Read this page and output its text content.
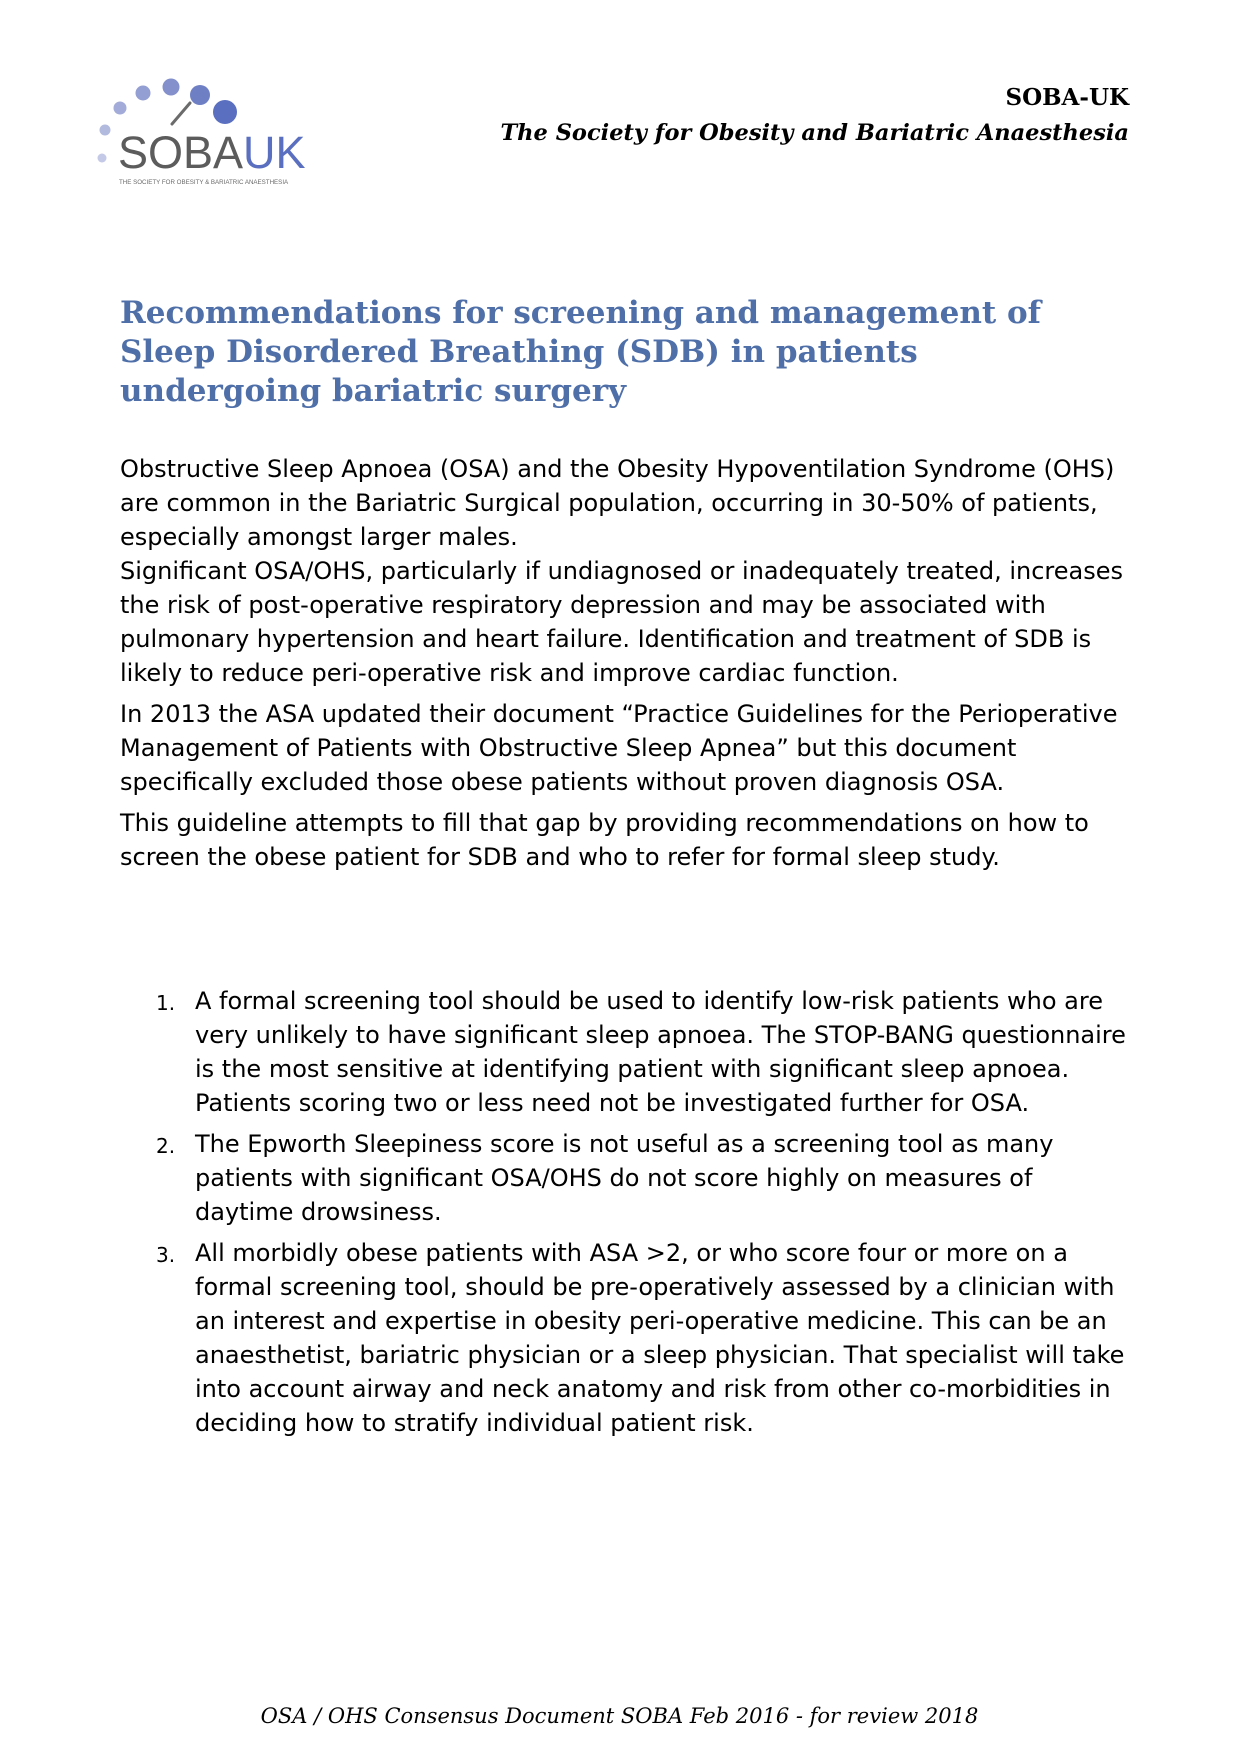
SOBAUK
THE SOCIETY FOR OBESITY & BARIATRIC ANAESTHESIA
SOBA-UK
The Society for Obesity and Bariatric Anaesthesia
Recommendations for screening and management of Sleep Disordered Breathing (SDB) in patients undergoing bariatric surgery

Obstructive Sleep Apnoea (OSA) and the Obesity Hypoventilation Syndrome (OHS) are common in the Bariatric Surgical population, occurring in 30-50% of patients, especially amongst larger males.

Significant OSA/OHS, particularly if undiagnosed or inadequately treated, increases the risk of post-operative respiratory depression and may be associated with pulmonary hypertension and heart failure. Identification and treatment of SDB is likely to reduce peri-operative risk and improve cardiac function.

In 2013 the ASA updated their document “Practice Guidelines for the Perioperative Management of Patients with Obstructive Sleep Apnea” but this document specifically excluded those obese patients without proven diagnosis OSA.

This guideline attempts to fill that gap by providing recommendations on how to screen the obese patient for SDB and who to refer for formal sleep study.

1. A formal screening tool should be used to identify low-risk patients who are very unlikely to have significant sleep apnoea. The STOP-BANG questionnaire is the most sensitive at identifying patient with significant sleep apnoea. Patients scoring two or less need not be investigated further for OSA.
2. The Epworth Sleepiness score is not useful as a screening tool as many patients with significant OSA/OHS do not score highly on measures of daytime drowsiness.
3. All morbidly obese patients with ASA >2, or who score four or more on a formal screening tool, should be pre-operatively assessed by a clinician with an interest and expertise in obesity peri-operative medicine. This can be an anaesthetist, bariatric physician or a sleep physician. That specialist will take into account airway and neck anatomy and risk from other co-morbidities in deciding how to stratify individual patient risk.
OSA / OHS Consensus Document SOBA Feb 2016 - for review 2018
